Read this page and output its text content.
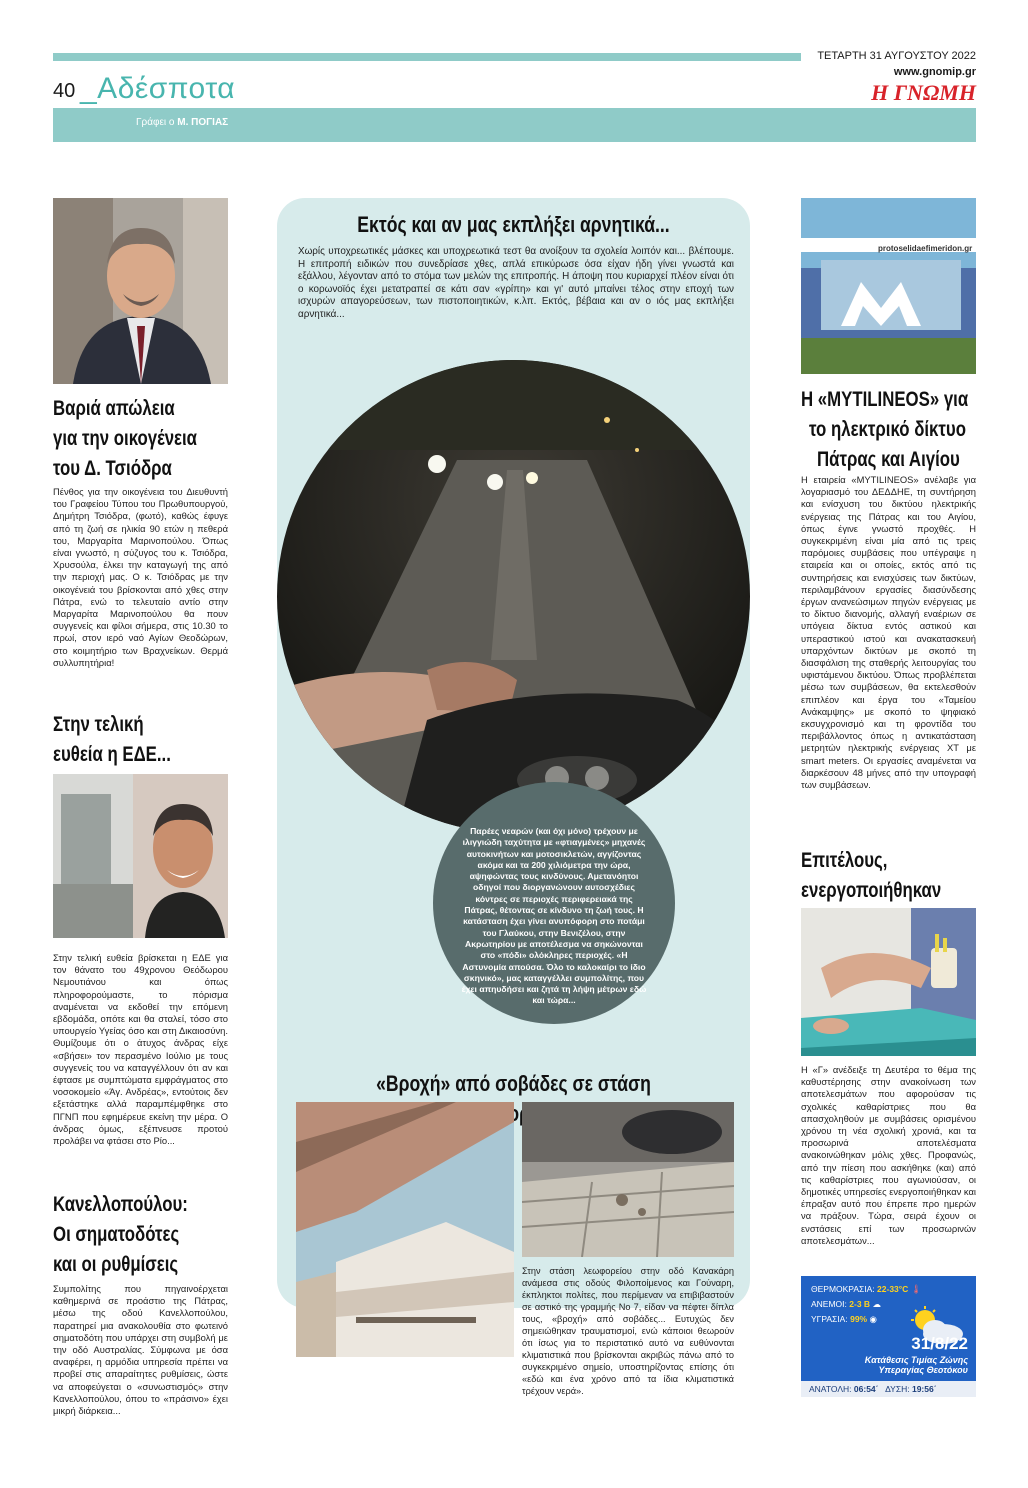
ΤΕΤΑΡΤΗ 31 ΑΥΓΟΥΣΤΟΥ 2022
www.gnomip.gr
Η ΓΝΩΜΗ
40 _Αδέσποτα
Γράφει ο Μ. ΠΟΓΙΑΣ
Βαριά απώλεια
για την οικογένεια
του Δ. Τσιόδρα
Πένθος για την οικογένεια του Διευθυντή του Γραφείου Τύπου του Πρωθυπουργού, Δημήτρη Τσιόδρα, (φωτό), καθώς έφυγε από τη ζωή σε ηλικία 90 ετών η πεθερά του, Μαργαρίτα Μαρινοπούλου. Όπως είναι γνωστό, η σύζυγος του κ. Τσιόδρα, Χρυσούλα, έλκει την καταγωγή της από την περιοχή μας. Ο κ. Τσιόδρας με την οικογένειά του βρίσκονται από χθες στην Πάτρα, ενώ το τελευταίο αντίο στην Μαργαρίτα Μαρινοπούλου θα πουν συγγενείς και φίλοι σήμερα, στις 10.30 το πρωί, στον ιερό ναό Αγίων Θεοδώρων, στο κοιμητήριο των Βραχνείκων. Θερμά συλλυπητήρια!
Στην τελική
ευθεία η ΕΔΕ...
Στην τελική ευθεία βρίσκεται η ΕΔΕ για τον θάνατο του 49χρονου Θεόδωρου Νεμουτιάνου και όπως πληροφορούμαστε, το πόρισμα αναμένεται να εκδοθεί την επόμενη εβδομάδα, οπότε και θα σταλεί, τόσο στο υπουργείο Υγείας όσο και στη Δικαιοσύνη. Θυμίζουμε ότι ο άτυχος άνδρας είχε «σβήσει» τον περασμένο Ιούλιο με τους συγγενείς του να καταγγέλλουν ότι αν και έφτασε με συμπτώματα εμφράγματος στο νοσοκομείο «Άγ. Ανδρέας», εντούτοις δεν εξετάστηκε αλλά παραμπέμφθηκε στο ΠΓΝΠ που εφημέρευε εκείνη την μέρα. Ο άνδρας όμως, εξέπνευσε προτού προλάβει να φτάσει στο Ρίο...
Κανελλοπούλου:
Οι σηματοδότες
και οι ρυθμίσεις
Συμπολίτης που πηγαινοέρχεται καθημερινά σε προάστιο της Πάτρας, μέσω της οδού Κανελλοπούλου, παρατηρεί μια ανακολουθία στο φωτεινό σηματοδότη που υπάρχει στη συμβολή με την οδό Αυστραλίας. Σύμφωνα με όσα αναφέρει, η αρμόδια υπηρεσία πρέπει να προβεί στις απαραίτητες ρυθμίσεις, ώστε να αποφεύγεται ο «συνωστισμός» στην Κανελλοπούλου, όπου το «πράσινο» έχει μικρή διάρκεια...
Εκτός και αν μας εκπλήξει αρνητικά...
Χωρίς υποχρεωτικές μάσκες και υποχρεωτικά τεστ θα ανοίξουν τα σχολεία λοιπόν και... βλέπουμε. Η επιτροπή ειδικών που συνεδρίασε χθες, απλά επικύρωσε όσα είχαν ήδη γίνει γνωστά και εξάλλου, λέγονταν από το στόμα των μελών της επιτροπής. Η άποψη που κυριαρχεί πλέον είναι ότι ο κορωνοϊός έχει μετατραπεί σε κάτι σαν «γρίπη» και γι' αυτό μπαίνει τέλος στην εποχή των ισχυρών απαγορεύσεων, των πιστοποιητικών, κ.λπ. Εκτός, βέβαια και αν ο ιός μας εκπλήξει αρνητικά...
Παρέες νεαρών (και όχι μόνο) τρέχουν με ιλιγγιώδη ταχύτητα με «φτιαγμένες» μηχανές αυτοκινήτων και μοτοσικλετών, αγγίζοντας ακόμα και τα 200 χιλιόμετρα την ώρα, αψηφώντας τους κινδύνους. Αμετανόητοι οδηγοί που διοργανώνουν αυτοσχέδιες κόντρες σε περιοχές περιφερειακά της Πάτρας, θέτοντας σε κίνδυνο τη ζωή τους. Η κατάσταση έχει γίνει ανυπόφορη στο ποτάμι του Γλαύκου, στην Βενιζέλου, στην Ακρωτηρίου με αποτέλεσμα να σηκώνονται στο «πόδι» ολόκληρες περιοχές. «Η Αστυνομία απούσα. Όλο το καλοκαίρι το ίδιο σκηνικό», μας καταγγέλλει συμπολίτης, που έχει απηυδήσει και ζητά τη λήψη μέτρων εδώ και τώρα...
«Βροχή» από σοβάδες σε στάση
Στην στάση λεωφορείου στην οδό Κανακάρη ανάμεσα στις οδούς Φιλοποίμενος και Γούναρη, έκπληκτοι πολίτες, που περίμεναν να επιβιβαστούν σε αστικό της γραμμής Νο 7, είδαν να πέφτει δίπλα τους, «βροχή» από σοβάδες... Ευτυχώς δεν σημειώθηκαν τραυματισμοί, ενώ κάποιοι θεωρούν ότι ίσως για το περιστατικό αυτό να ευθύνονται κλιματιστικά που βρίσκονται ακριβώς πάνω από το συγκεκριμένο σημείο, υποστηρίζοντας επίσης ότι «εδώ και ένα χρόνο από τα ίδια κλιματιστικά τρέχουν νερά».
protoselidaefimeridon.gr
Η «MYTILINEOS» για
το ηλεκτρικό δίκτυο
Πάτρας και Αιγίου
Η εταιρεία «MYTILINEOS» ανέλαβε για λογαριασμό του ΔΕΔΔΗΕ, τη συντήρηση και ενίσχυση του δικτύου ηλεκτρικής ενέργειας της Πάτρας και του Αιγίου, όπως έγινε γνωστό προχθές. Η συγκεκριμένη είναι μία από τις τρεις παρόμοιες συμβάσεις που υπέγραψε η εταιρεία και οι οποίες, εκτός από τις συντηρήσεις και ενισχύσεις των δικτύων, περιλαμβάνουν εργασίες διασύνδεσης έργων ανανεώσιμων πηγών ενέργειας με το δίκτυο διανομής, αλλαγή εναέριων σε υπόγεια δίκτυα εντός αστικού και υπεραστικού ιστού και ανακατασκευή υπαρχόντων δικτύων με σκοπό τη διασφάλιση της σταθερής λειτουργίας του υφιστάμενου δικτύου. Όπως προβλέπεται μέσω των συμβάσεων, θα εκτελεσθούν επιπλέον και έργα του «Ταμείου Ανάκαμψης» με σκοπό το ψηφιακό εκσυγχρονισμό και τη φροντίδα του περιβάλλοντος όπως η αντικατάσταση μετρητών ηλεκτρικής ενέργειας ΧΤ με smart meters. Οι εργασίες αναμένεται να διαρκέσουν 48 μήνες από την υπογραφή των συμβάσεων.
Επιτέλους,
ενεργοποιήθηκαν
Η «Γ» ανέδειξε τη Δευτέρα το θέμα της καθυστέρησης στην ανακοίνωση των αποτελεσμάτων που αφορούσαν τις σχολικές καθαρίστριες που θα απασχοληθούν με συμβάσεις ορισμένου χρόνου τη νέα σχολική χρονιά, και τα προσωρινά αποτελέσματα ανακοινώθηκαν μόλις χθες. Προφανώς, από την πίεση που ασκήθηκε (και) από τις καθαρίστριες που αγωνιούσαν, οι δημοτικές υπηρεσίες ενεργοποιήθηκαν και έπραξαν αυτό που έπρεπε προ ημερών να πράξουν. Τώρα, σειρά έχουν οι ενστάσεις επί των προσωρινών αποτελεσμάτων...
ΘΕΡΜΟΚΡΑΣΙΑ: 22-33°C 🌡
ΑΝΕΜΟΙ: 2-3 Β ☁
ΥΓΡΑΣΙΑ: 99% ◉
31/8/22
Κατάθεσις Τιμίας Ζώνης
Υπεραγίας Θεοτόκου
ΑΝΑΤΟΛΗ: 06:54΄ ΔΥΣΗ: 19:56΄
